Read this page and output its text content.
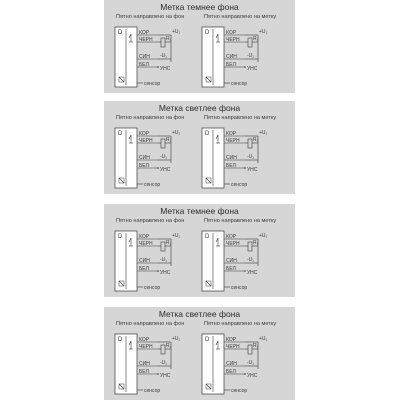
Метка темнее фона
Пятно направлено на фон	Пятно направлено на метку
D	КОР
ЧЕРН
СИН
БЕЛ
+U₁
R₁
-U₁
УНС
сенсор
D	КОР
ЧЕРН
СИН
БЕЛ
+U₁
R₁
-U₁
УНС
сенсор
Метка светлее фона
Пятно направлено на фон	Пятно направлено на метку
D	КОР
ЧЕРН
СИН
БЕЛ
+U₁
R₁
-U₁
УНС
сенсор
D	КОР
ЧЕРН
СИН
БЕЛ
+U₁
R₁
-U₁
УНС
сенсор
Метка темнее фона
Пятно направлено на фон	Пятно направлено на метку
D	КОР
ЧЕРН
СИН
БЕЛ
+U₁
R₁
-U₁
УНС
сенсор
D	КОР
ЧЕРН
СИН
БЕЛ
+U₁
R₁
-U₁
УНС
сенсор
Метка светлее фона
Пятно направлено на фон	Пятно направлено на метку
D	КОР
ЧЕРН
СИН
БЕЛ
+U₁
R₁
-U₁
УНС
сенсор
D	КОР
ЧЕРН
СИН
БЕЛ
+U₁
R₁
-U₁
УНС
сенсор
